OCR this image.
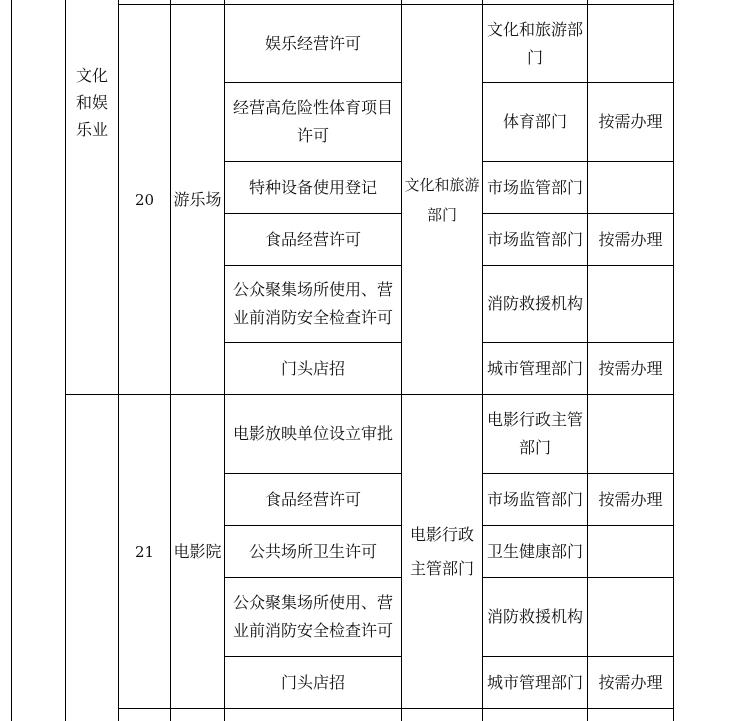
文化和娱乐业
20	游乐场
文化和旅游部门
娱乐经营许可
经营高危险性体育项目许可
特种设备使用登记
食品经营许可
公众聚集场所使用、营业前消防安全检查许可
门头店招
文化和旅游部门
体育部门
市场监管部门
市场监管部门
消防救援机构
城市管理部门
按需办理
按需办理
按需办理
21	电影院
电影行政主管部门
电影放映单位设立审批
食品经营许可
公共场所卫生许可
公众聚集场所使用、营业前消防安全检查许可
门头店招
电影行政主管部门
市场监管部门
卫生健康部门
消防救援机构
城市管理部门
按需办理
按需办理
